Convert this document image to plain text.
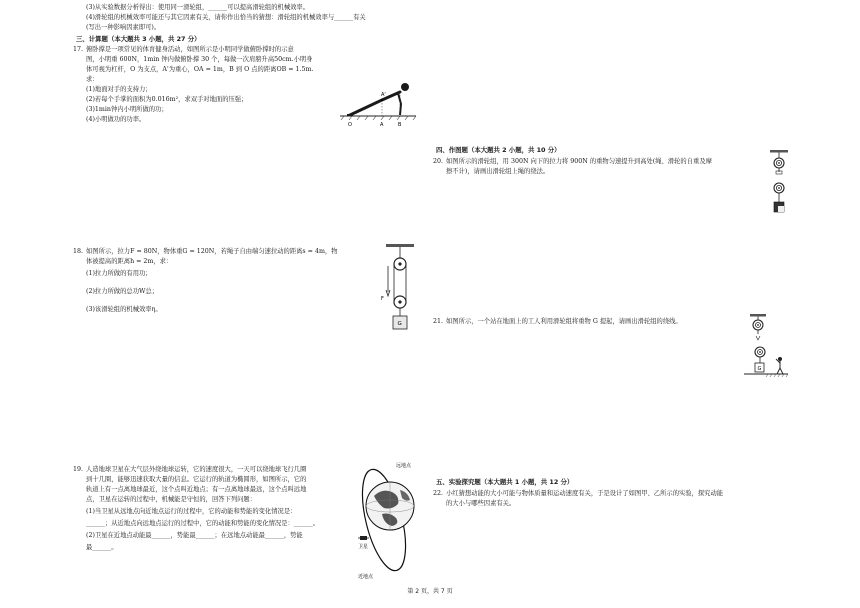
(3)从实验数据分析得出：使用同一滑轮组，______可以提高滑轮组的机械效率。
(4)滑轮组的机械效率可能还与其它因素有关，请你作出恰当的猜想：滑轮组的机械效率与______有关
(写出一种影响因素即可)。
三、计算题（本大题共 3 小题，共 27 分）
17. 俯卧撑是一项常见的体育健身活动，如图所示是小明同学做俯卧撑时的示意
图，小明重 600N，1min 钟内做俯卧撑 30 个，每做一次肩膀升高50cm.小明身
体可视为杠杆，O 为支点，A'为重心，OA = 1m，B 到 O 点的距离OB = 1.5m.
求：
(1)地面对手的支持力；
(2)若每个手掌的面积为0.016m²，求双手对地面的压强；
(3)1min钟内小明所做的功；
(4)小明做功的功率。
A'
O	A	B
18. 如图所示，拉力F = 80N，物体重G = 120N，若绳子自由端匀速拉动的距离s = 4m，物
体被提高的距离h = 2m，求：
(1)拉力所做的有用功；
(2)拉力所做的总功W总；
(3)该滑轮组的机械效率η。
F
G
19. 人造地球卫星在大气层外绕地球运转，它的速度很大，一天可以绕地球飞行几圈
到十几圈，能够迅速获取大量的信息。它运行的轨道为椭圆形，如图所示，它的
轨道上有一点离地球最近，这个点叫近地点；有一点离地球最远，这个点叫远地
点，卫星在运转的过程中，机械能是守恒的，回答下列问题：
(1)当卫星从远地点向近地点运行的过程中，它的动能和势能的变化情况是：
______；从近地点向远地点运行的过程中，它的动能和势能的变化情况是：______。
(2)卫星在近地点动能最______，势能最______；在远地点动能最______，势能
最______。
远地点
卫星
近地点
四、作图题（本大题共 2 小题，共 10 分）
20. 如图所示的滑轮组，用 300N 向下的拉力将 900N 的重物匀速提升到高处(绳、滑轮的自重及摩
擦不计)，请画出滑轮组上绳的绕法。
21. 如图所示，一个站在地面上的工人利用滑轮组将重物 G 提起，请画出滑轮组的绕线。
G
五、实验探究题（本大题共 1 小题，共 12 分）
22. 小红猜想动能的大小可能与物体质量和运动速度有关，于是设计了如图甲、乙所示的实验，探究动能
的大小与哪些因素有关。
第 2 页，共 7 页
